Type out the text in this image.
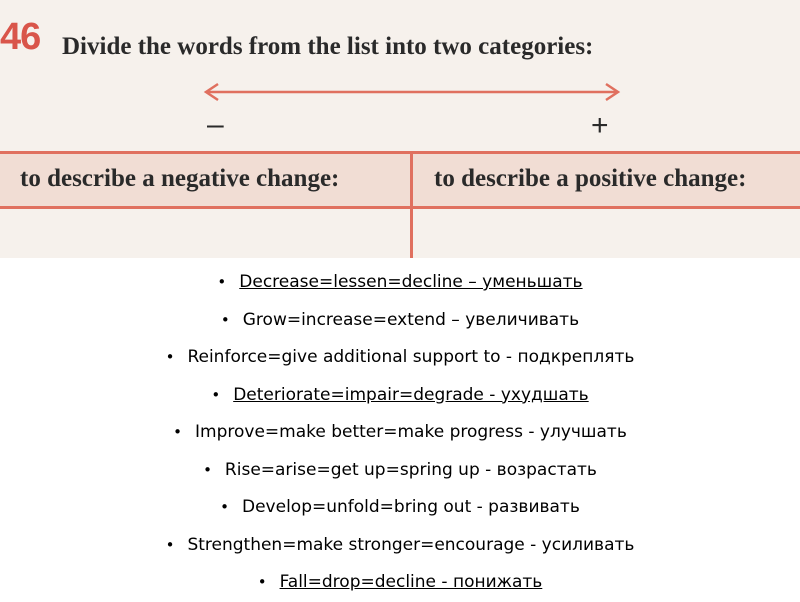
46 Divide the words from the list into two categories:
–	+
to describe a negative change:	to describe a positive change:
• Decrease=lessen=decline – уменьшать
• Grow=increase=extend – увеличивать
• Reinforce=give additional support to - подкреплять
• Deteriorate=impair=degrade - ухудшать
• Improve=make better=make progress - улучшать
• Rise=arise=get up=spring up - возрастать
• Develop=unfold=bring out - развивать
• Strengthen=make stronger=encourage - усиливать
• Fall=drop=decline - понижать
